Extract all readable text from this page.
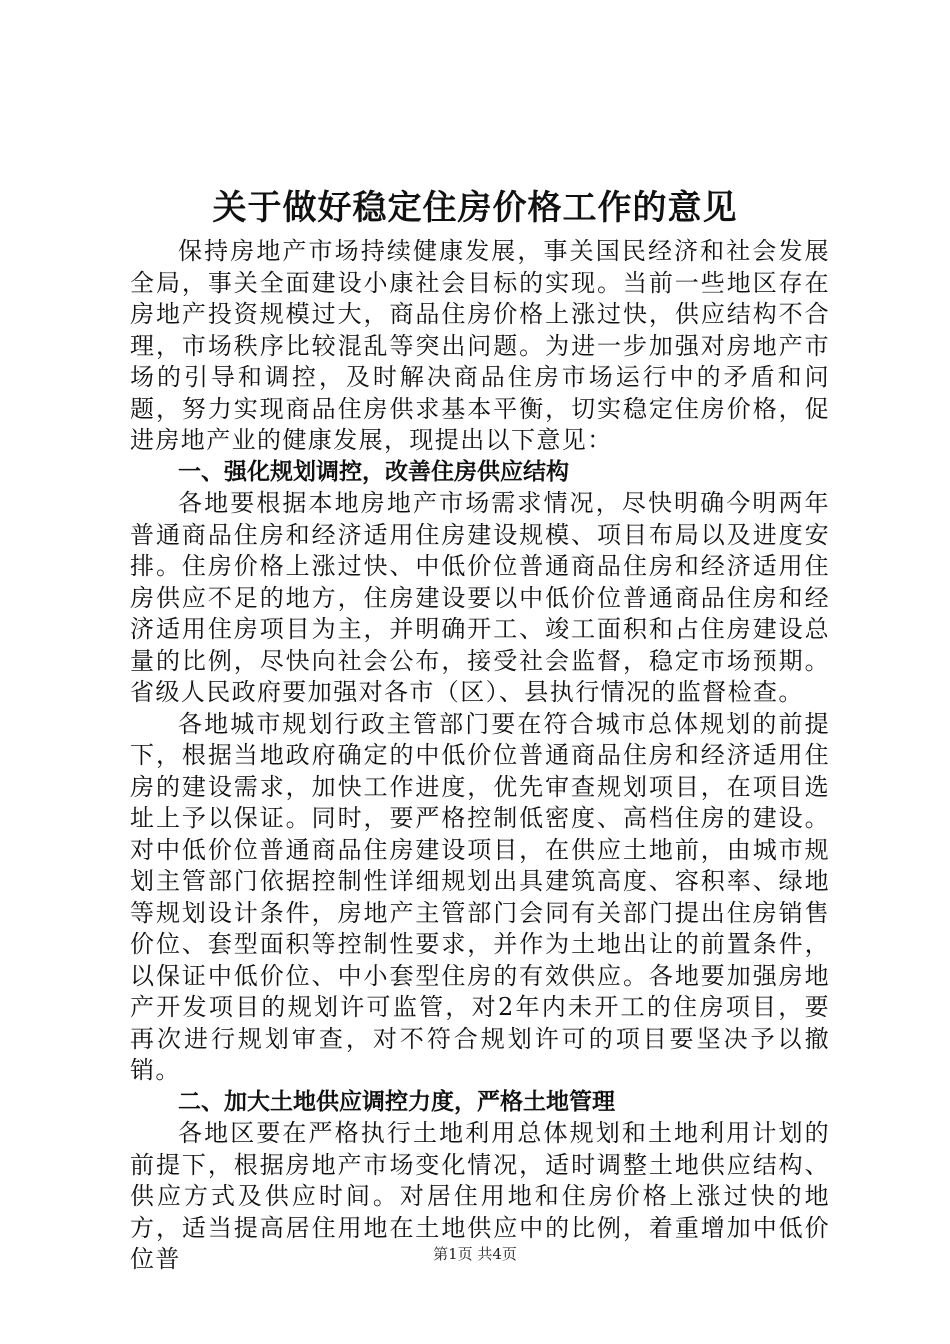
关于做好稳定住房价格工作的意见

保持房地产市场持续健康发展，事关国民经济和社会发展全局，事关全面建设小康社会目标的实现。当前一些地区存在房地产投资规模过大，商品住房价格上涨过快，供应结构不合理，市场秩序比较混乱等突出问题。为进一步加强对房地产市场的引导和调控，及时解决商品住房市场运行中的矛盾和问题，努力实现商品住房供求基本平衡，切实稳定住房价格，促进房地产业的健康发展，现提出以下意见：

一、强化规划调控，改善住房供应结构

各地要根据本地房地产市场需求情况，尽快明确今明两年普通商品住房和经济适用住房建设规模、项目布局以及进度安排。住房价格上涨过快、中低价位普通商品住房和经济适用住房供应不足的地方，住房建设要以中低价位普通商品住房和经济适用住房项目为主，并明确开工、竣工面积和占住房建设总量的比例，尽快向社会公布，接受社会监督，稳定市场预期。省级人民政府要加强对各市（区）、县执行情况的监督检查。

各地城市规划行政主管部门要在符合城市总体规划的前提下，根据当地政府确定的中低价位普通商品住房和经济适用住房的建设需求，加快工作进度，优先审查规划项目，在项目选址上予以保证。同时，要严格控制低密度、高档住房的建设。对中低价位普通商品住房建设项目，在供应土地前，由城市规划主管部门依据控制性详细规划出具建筑高度、容积率、绿地等规划设计条件，房地产主管部门会同有关部门提出住房销售价位、套型面积等控制性要求，并作为土地出让的前置条件，以保证中低价位、中小套型住房的有效供应。各地要加强房地产开发项目的规划许可监管，对2年内未开工的住房项目，要再次进行规划审查，对不符合规划许可的项目要坚决予以撤销。

二、加大土地供应调控力度，严格土地管理

各地区要在严格执行土地利用总体规划和土地利用计划的前提下，根据房地产市场变化情况，适时调整土地供应结构、供应方式及供应时间。对居住用地和住房价格上涨过快的地方，适当提高居住用地在土地供应中的比例，着重增加中低价位普	第1页 共4页
